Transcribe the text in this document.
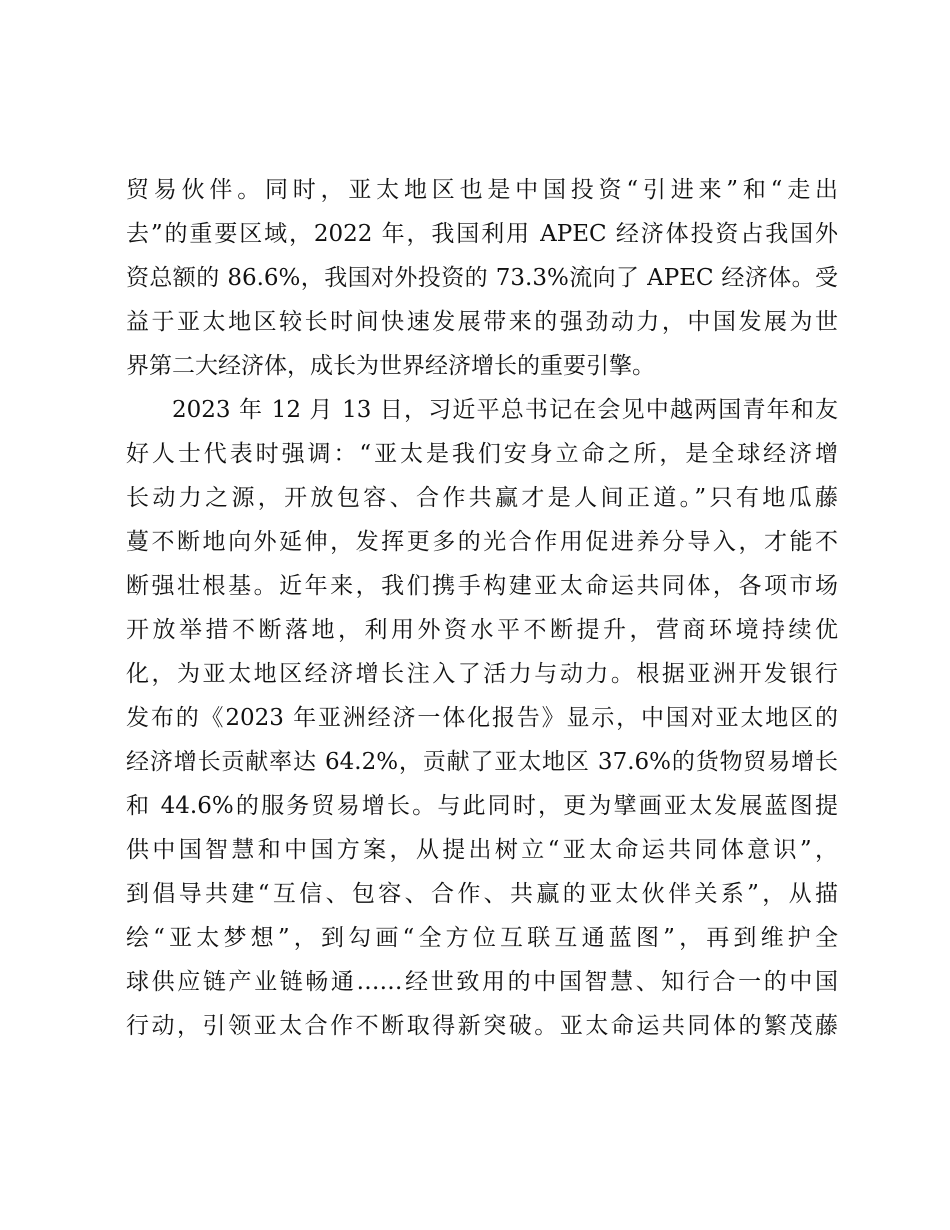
贸易伙伴。同时，亚太地区也是中国投资“引进来”和“走出
去”的重要区域，2022 年，我国利用 APEC 经济体投资占我国外
资总额的 86.6%，我国对外投资的 73.3%流向了 APEC 经济体。受
益于亚太地区较长时间快速发展带来的强劲动力，中国发展为世
界第二大经济体，成长为世界经济增长的重要引擎。
2023 年 12 月 13 日，习近平总书记在会见中越两国青年和友
好人士代表时强调：“亚太是我们安身立命之所，是全球经济增
长动力之源，开放包容、合作共赢才是人间正道。”只有地瓜藤
蔓不断地向外延伸，发挥更多的光合作用促进养分导入，才能不
断强壮根基。近年来，我们携手构建亚太命运共同体，各项市场
开放举措不断落地，利用外资水平不断提升，营商环境持续优
化，为亚太地区经济增长注入了活力与动力。根据亚洲开发银行
发布的《2023 年亚洲经济一体化报告》显示，中国对亚太地区的
经济增长贡献率达 64.2%，贡献了亚太地区 37.6%的货物贸易增长
和 44.6%的服务贸易增长。与此同时，更为擘画亚太发展蓝图提
供中国智慧和中国方案，从提出树立“亚太命运共同体意识”，
到倡导共建“互信、包容、合作、共赢的亚太伙伴关系”，从描
绘“亚太梦想”，到勾画“全方位互联互通蓝图”，再到维护全
球供应链产业链畅通……经世致用的中国智慧、知行合一的中国
行动，引领亚太合作不断取得新突破。亚太命运共同体的繁茂藤
